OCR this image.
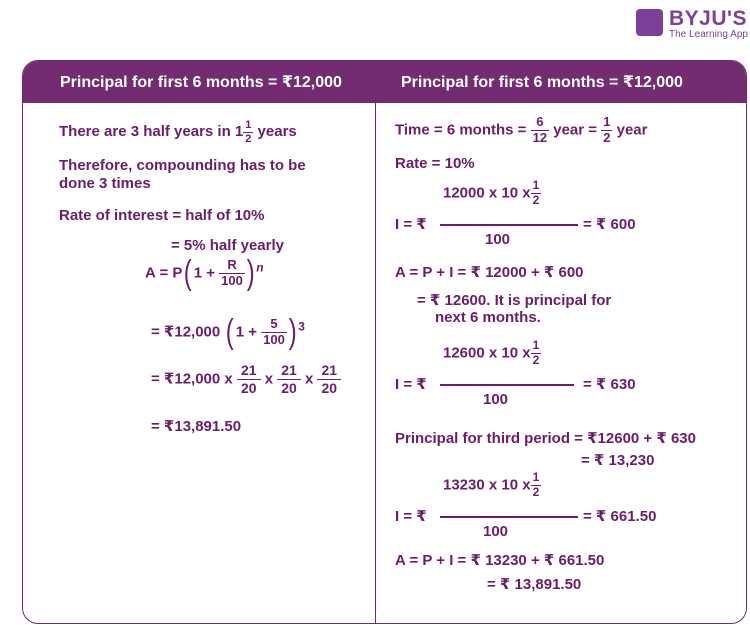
BYJU'S
The Learning App
Principal for first 6 months = ₹12,000	Principal for first 6 months = ₹12,000
There are 3 half years in $1 \frac{1}{2}$ years
Therefore, compounding has to be
done 3 times
Rate of interest = half of 10%
= 5% half yearly
A = P( $1 + \frac{R}{100}$ ) $^n$
= ₹12,000 ( $1 + \frac{5}{100}$ ) $^3$
= ₹12,000 x $\frac{21}{20}$ x $\frac{21}{20}$ x $\frac{21}{20}$
= ₹13,891.50
Time = 6 months = $\frac{6}{12}$ year = $\frac{1}{2}$ year
Rate = 10%
12000 x 10 x $\frac{1}{2}$
I = ₹
100
= ₹ 600
A = P + I = ₹ 12000 + ₹ 600
= ₹ 12600. It is principal for
next 6 months.
12600 x 10 x $\frac{1}{2}$
I = ₹
100
= ₹ 630
Principal for third period = ₹12600 + ₹ 630
= ₹ 13,230
13230 x 10 x $\frac{1}{2}$
I = ₹
100
= ₹ 661.50
A = P + I = ₹ 13230 + ₹ 661.50
= ₹ 13,891.50
